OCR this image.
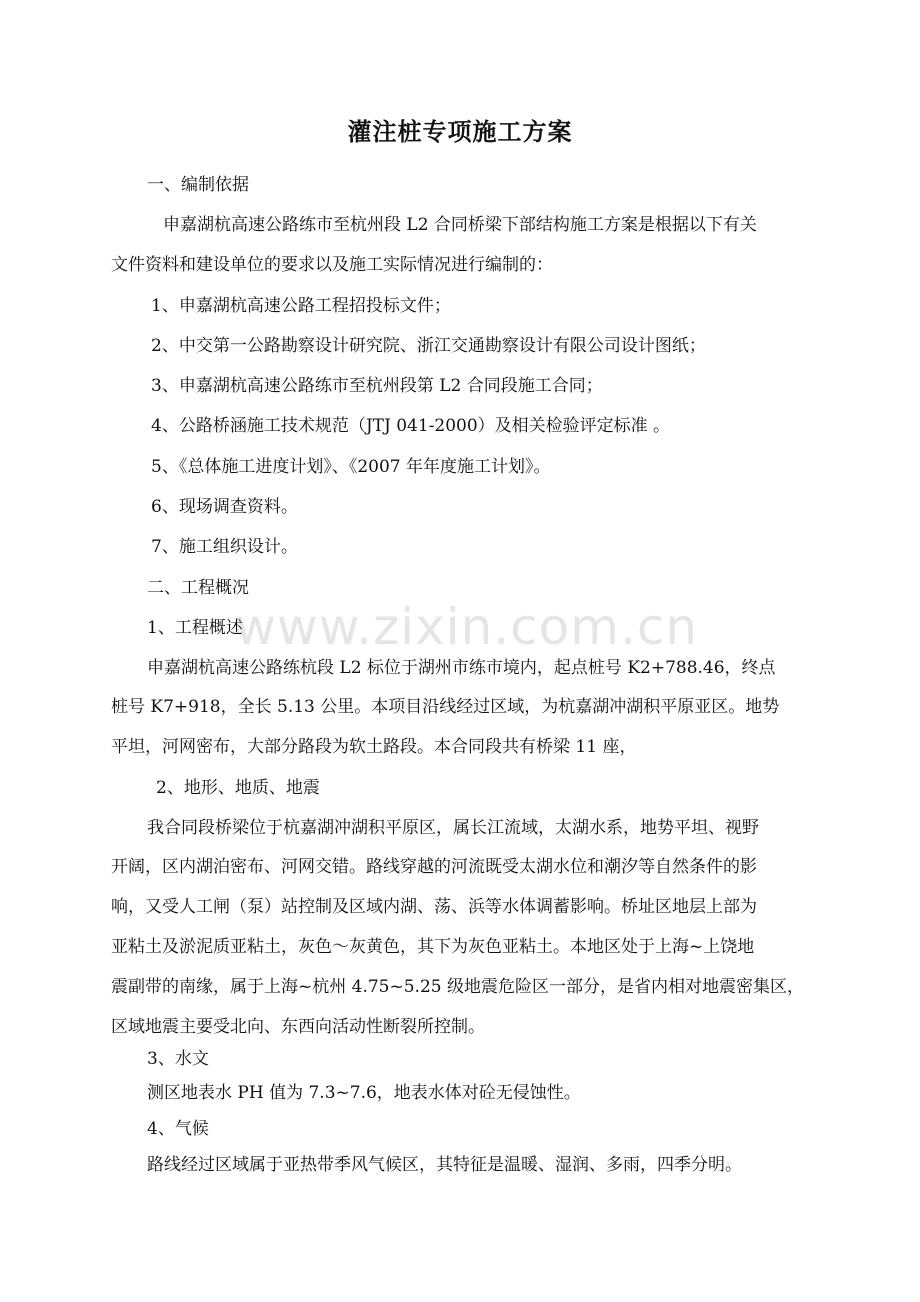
灌注桩专项施工方案
一、编制依据
申嘉湖杭高速公路练市至杭州段 L2 合同桥梁下部结构施工方案是根据以下有关
文件资料和建设单位的要求以及施工实际情况进行编制的：
1、申嘉湖杭高速公路工程招投标文件；
2、中交第一公路勘察设计研究院、浙江交通勘察设计有限公司设计图纸；
3、申嘉湖杭高速公路练市至杭州段第 L2 合同段施工合同；
4、公路桥涵施工技术规范（JTJ 041-2000）及相关检验评定标准 。
5、《总体施工进度计划》、《2007 年年度施工计划》。
6、现场调查资料。
7、施工组织设计。
二、工程概况
1、工程概述
申嘉湖杭高速公路练杭段 L2 标位于湖州市练市境内，起点桩号 K2+788.46，终点
桩号 K7+918，全长 5.13 公里。本项目沿线经过区域，为杭嘉湖冲湖积平原亚区。地势
平坦，河网密布，大部分路段为软土路段。本合同段共有桥梁 11 座，
2、地形、地质、地震
我合同段桥梁位于杭嘉湖冲湖积平原区，属长江流域，太湖水系，地势平坦、视野
开阔，区内湖泊密布、河网交错。路线穿越的河流既受太湖水位和潮汐等自然条件的影
响，又受人工闸（泵）站控制及区域内湖、荡、浜等水体调蓄影响。桥址区地层上部为
亚粘土及淤泥质亚粘土，灰色～灰黄色，其下为灰色亚粘土。本地区处于上海~上饶地
震副带的南缘，属于上海~杭州 4.75~5.25 级地震危险区一部分，是省内相对地震密集区，
区域地震主要受北向、东西向活动性断裂所控制。
3、水文
测区地表水 PH 值为 7.3~7.6，地表水体对砼无侵蚀性。
4、气候
路线经过区域属于亚热带季风气候区，其特征是温暖、湿润、多雨，四季分明。
www.zixin.com.cn
